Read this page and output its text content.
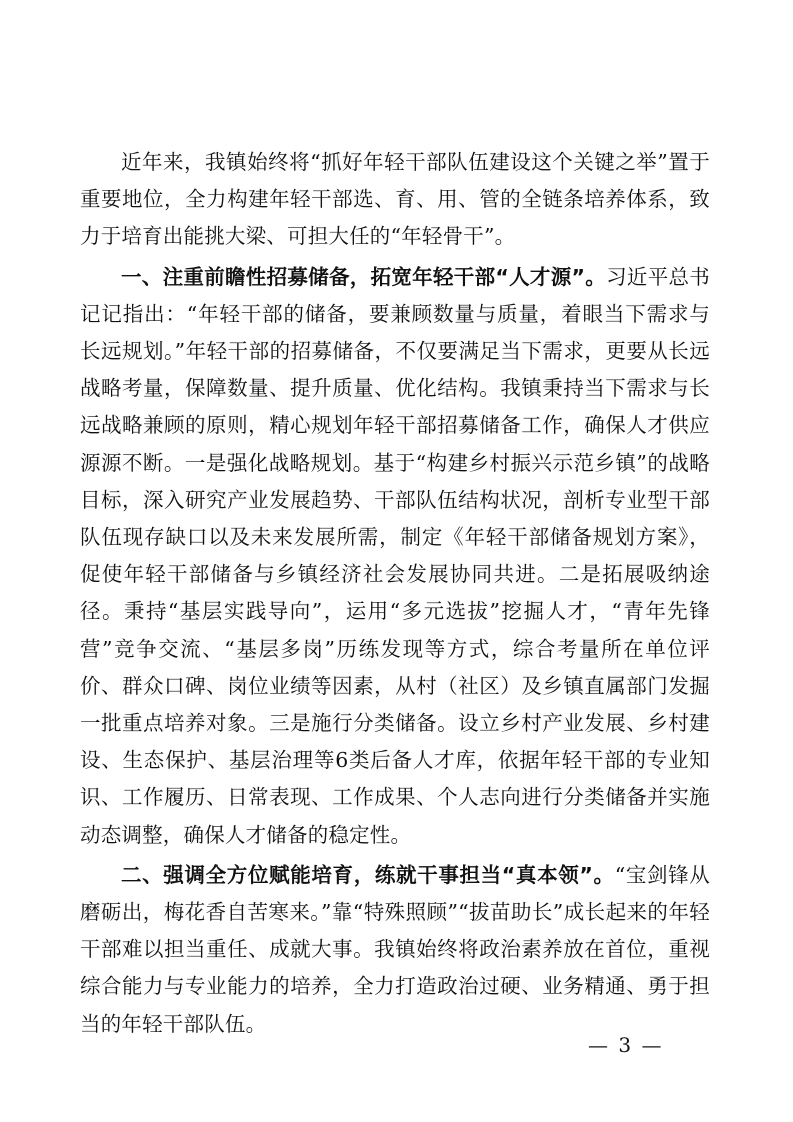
近年来，我镇始终将“抓好年轻干部队伍建设这个关键之举”置于重要地位，全力构建年轻干部选、育、用、管的全链条培养体系，致力于培育出能挑大梁、可担大任的“年轻骨干”。

一、注重前瞻性招募储备，拓宽年轻干部“人才源”。习近平总书记记指出：“年轻干部的储备，要兼顾数量与质量，着眼当下需求与长远规划。”年轻干部的招募储备，不仅要满足当下需求，更要从长远战略考量，保障数量、提升质量、优化结构。我镇秉持当下需求与长远战略兼顾的原则，精心规划年轻干部招募储备工作，确保人才供应源源不断。一是强化战略规划。基于“构建乡村振兴示范乡镇”的战略目标，深入研究产业发展趋势、干部队伍结构状况，剖析专业型干部队伍现存缺口以及未来发展所需，制定《年轻干部储备规划方案》，促使年轻干部储备与乡镇经济社会发展协同共进。二是拓展吸纳途径。秉持“基层实践导向”，运用“多元选拔”挖掘人才，“青年先锋营”竞争交流、“基层多岗”历练发现等方式，综合考量所在单位评价、群众口碑、岗位业绩等因素，从村（社区）及乡镇直属部门发掘一批重点培养对象。三是施行分类储备。设立乡村产业发展、乡村建设、生态保护、基层治理等6类后备人才库，依据年轻干部的专业知识、工作履历、日常表现、工作成果、个人志向进行分类储备并实施动态调整，确保人才储备的稳定性。

二、强调全方位赋能培育，练就干事担当“真本领”。“宝剑锋从磨砺出，梅花香自苦寒来。”靠“特殊照顾”“拔苗助长”成长起来的年轻干部难以担当重任、成就大事。我镇始终将政治素养放在首位，重视综合能力与专业能力的培养，全力打造政治过硬、业务精通、勇于担当的年轻干部队伍。

— 3 —
